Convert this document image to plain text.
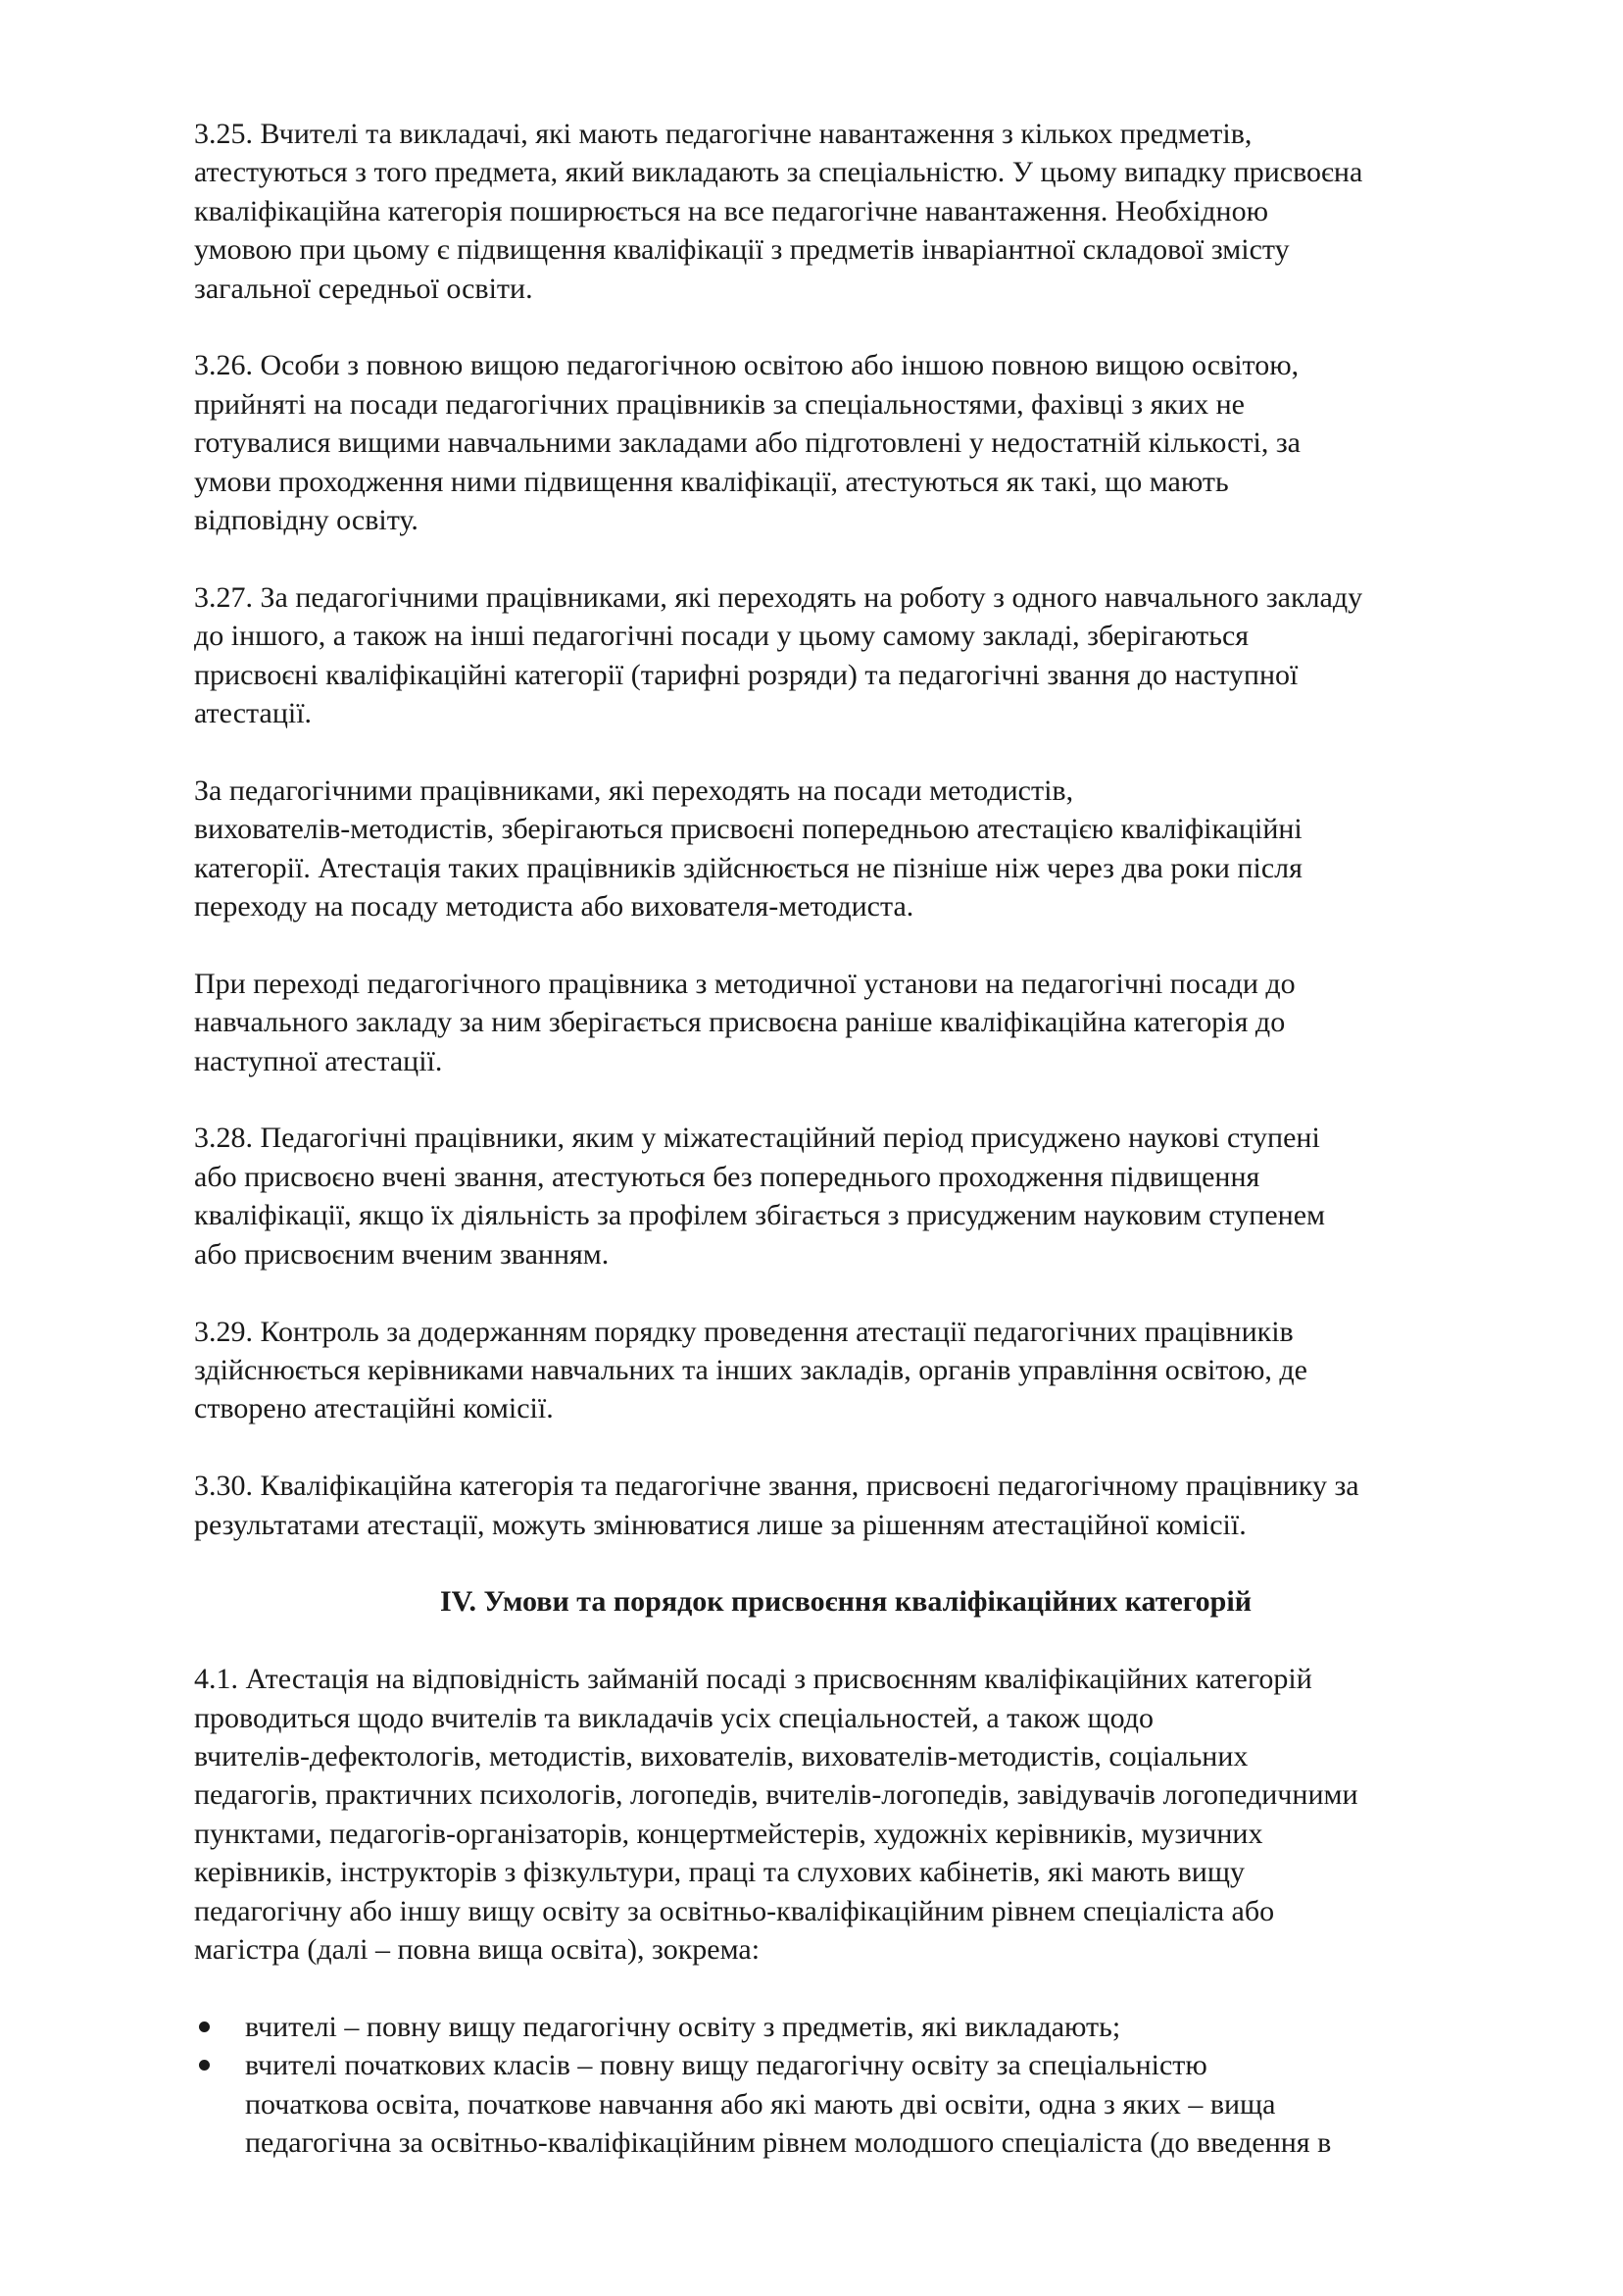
3.25. Вчителі та викладачі, які мають педагогічне навантаження з кількох предметів,
атестуються з того предмета, який викладають за спеціальністю. У цьому випадку присвоєна
кваліфікаційна категорія поширюється на все педагогічне навантаження. Необхідною
умовою при цьому є підвищення кваліфікації з предметів інваріантної складової змісту
загальної середньої освіти.
3.26. Особи з повною вищою педагогічною освітою або іншою повною вищою освітою,
прийняті на посади педагогічних працівників за спеціальностями, фахівці з яких не
готувалися вищими навчальними закладами або підготовлені у недостатній кількості, за
умови проходження ними підвищення кваліфікації, атестуються як такі, що мають
відповідну освіту.
3.27. За педагогічними працівниками, які переходять на роботу з одного навчального закладу
до іншого, а також на інші педагогічні посади у цьому самому закладі, зберігаються
присвоєні кваліфікаційні категорії (тарифні розряди) та педагогічні звання до наступної
атестації.
За педагогічними працівниками, які переходять на посади методистів,
вихователів-методистів, зберігаються присвоєні попередньою атестацією кваліфікаційні
категорії. Атестація таких працівників здійснюється не пізніше ніж через два роки після
переходу на посаду методиста або вихователя-методиста.
При переході педагогічного працівника з методичної установи на педагогічні посади до
навчального закладу за ним зберігається присвоєна раніше кваліфікаційна категорія до
наступної атестації.
3.28. Педагогічні працівники, яким у міжатестаційний період присуджено наукові ступені
або присвоєно вчені звання, атестуються без попереднього проходження підвищення
кваліфікації, якщо їх діяльність за профілем збігається з присудженим науковим ступенем
або присвоєним вченим званням.
3.29. Контроль за додержанням порядку проведення атестації педагогічних працівників
здійснюється керівниками навчальних та інших закладів, органів управління освітою, де
створено атестаційні комісії.
3.30. Кваліфікаційна категорія та педагогічне звання, присвоєні педагогічному працівнику за
результатами атестації, можуть змінюватися лише за рішенням атестаційної комісії.
IV. Умови та порядок присвоєння кваліфікаційних категорій
4.1. Атестація на відповідність займаній посаді з присвоєнням кваліфікаційних категорій
проводиться щодо вчителів та викладачів усіх спеціальностей, а також щодо
вчителів-дефектологів, методистів, вихователів, вихователів-методистів, соціальних
педагогів, практичних психологів, логопедів, вчителів-логопедів, завідувачів логопедичними
пунктами, педагогів-організаторів, концертмейстерів, художніх керівників, музичних
керівників, інструкторів з фізкультури, праці та слухових кабінетів, які мають вищу
педагогічну або іншу вищу освіту за освітньо-кваліфікаційним рівнем спеціаліста або
магістра (далі – повна вища освіта), зокрема:
вчителі – повну вищу педагогічну освіту з предметів, які викладають;
вчителі початкових класів – повну вищу педагогічну освіту за спеціальністю
початкова освіта, початкове навчання або які мають дві освіти, одна з яких – вища
педагогічна за освітньо-кваліфікаційним рівнем молодшого спеціаліста (до введення в
